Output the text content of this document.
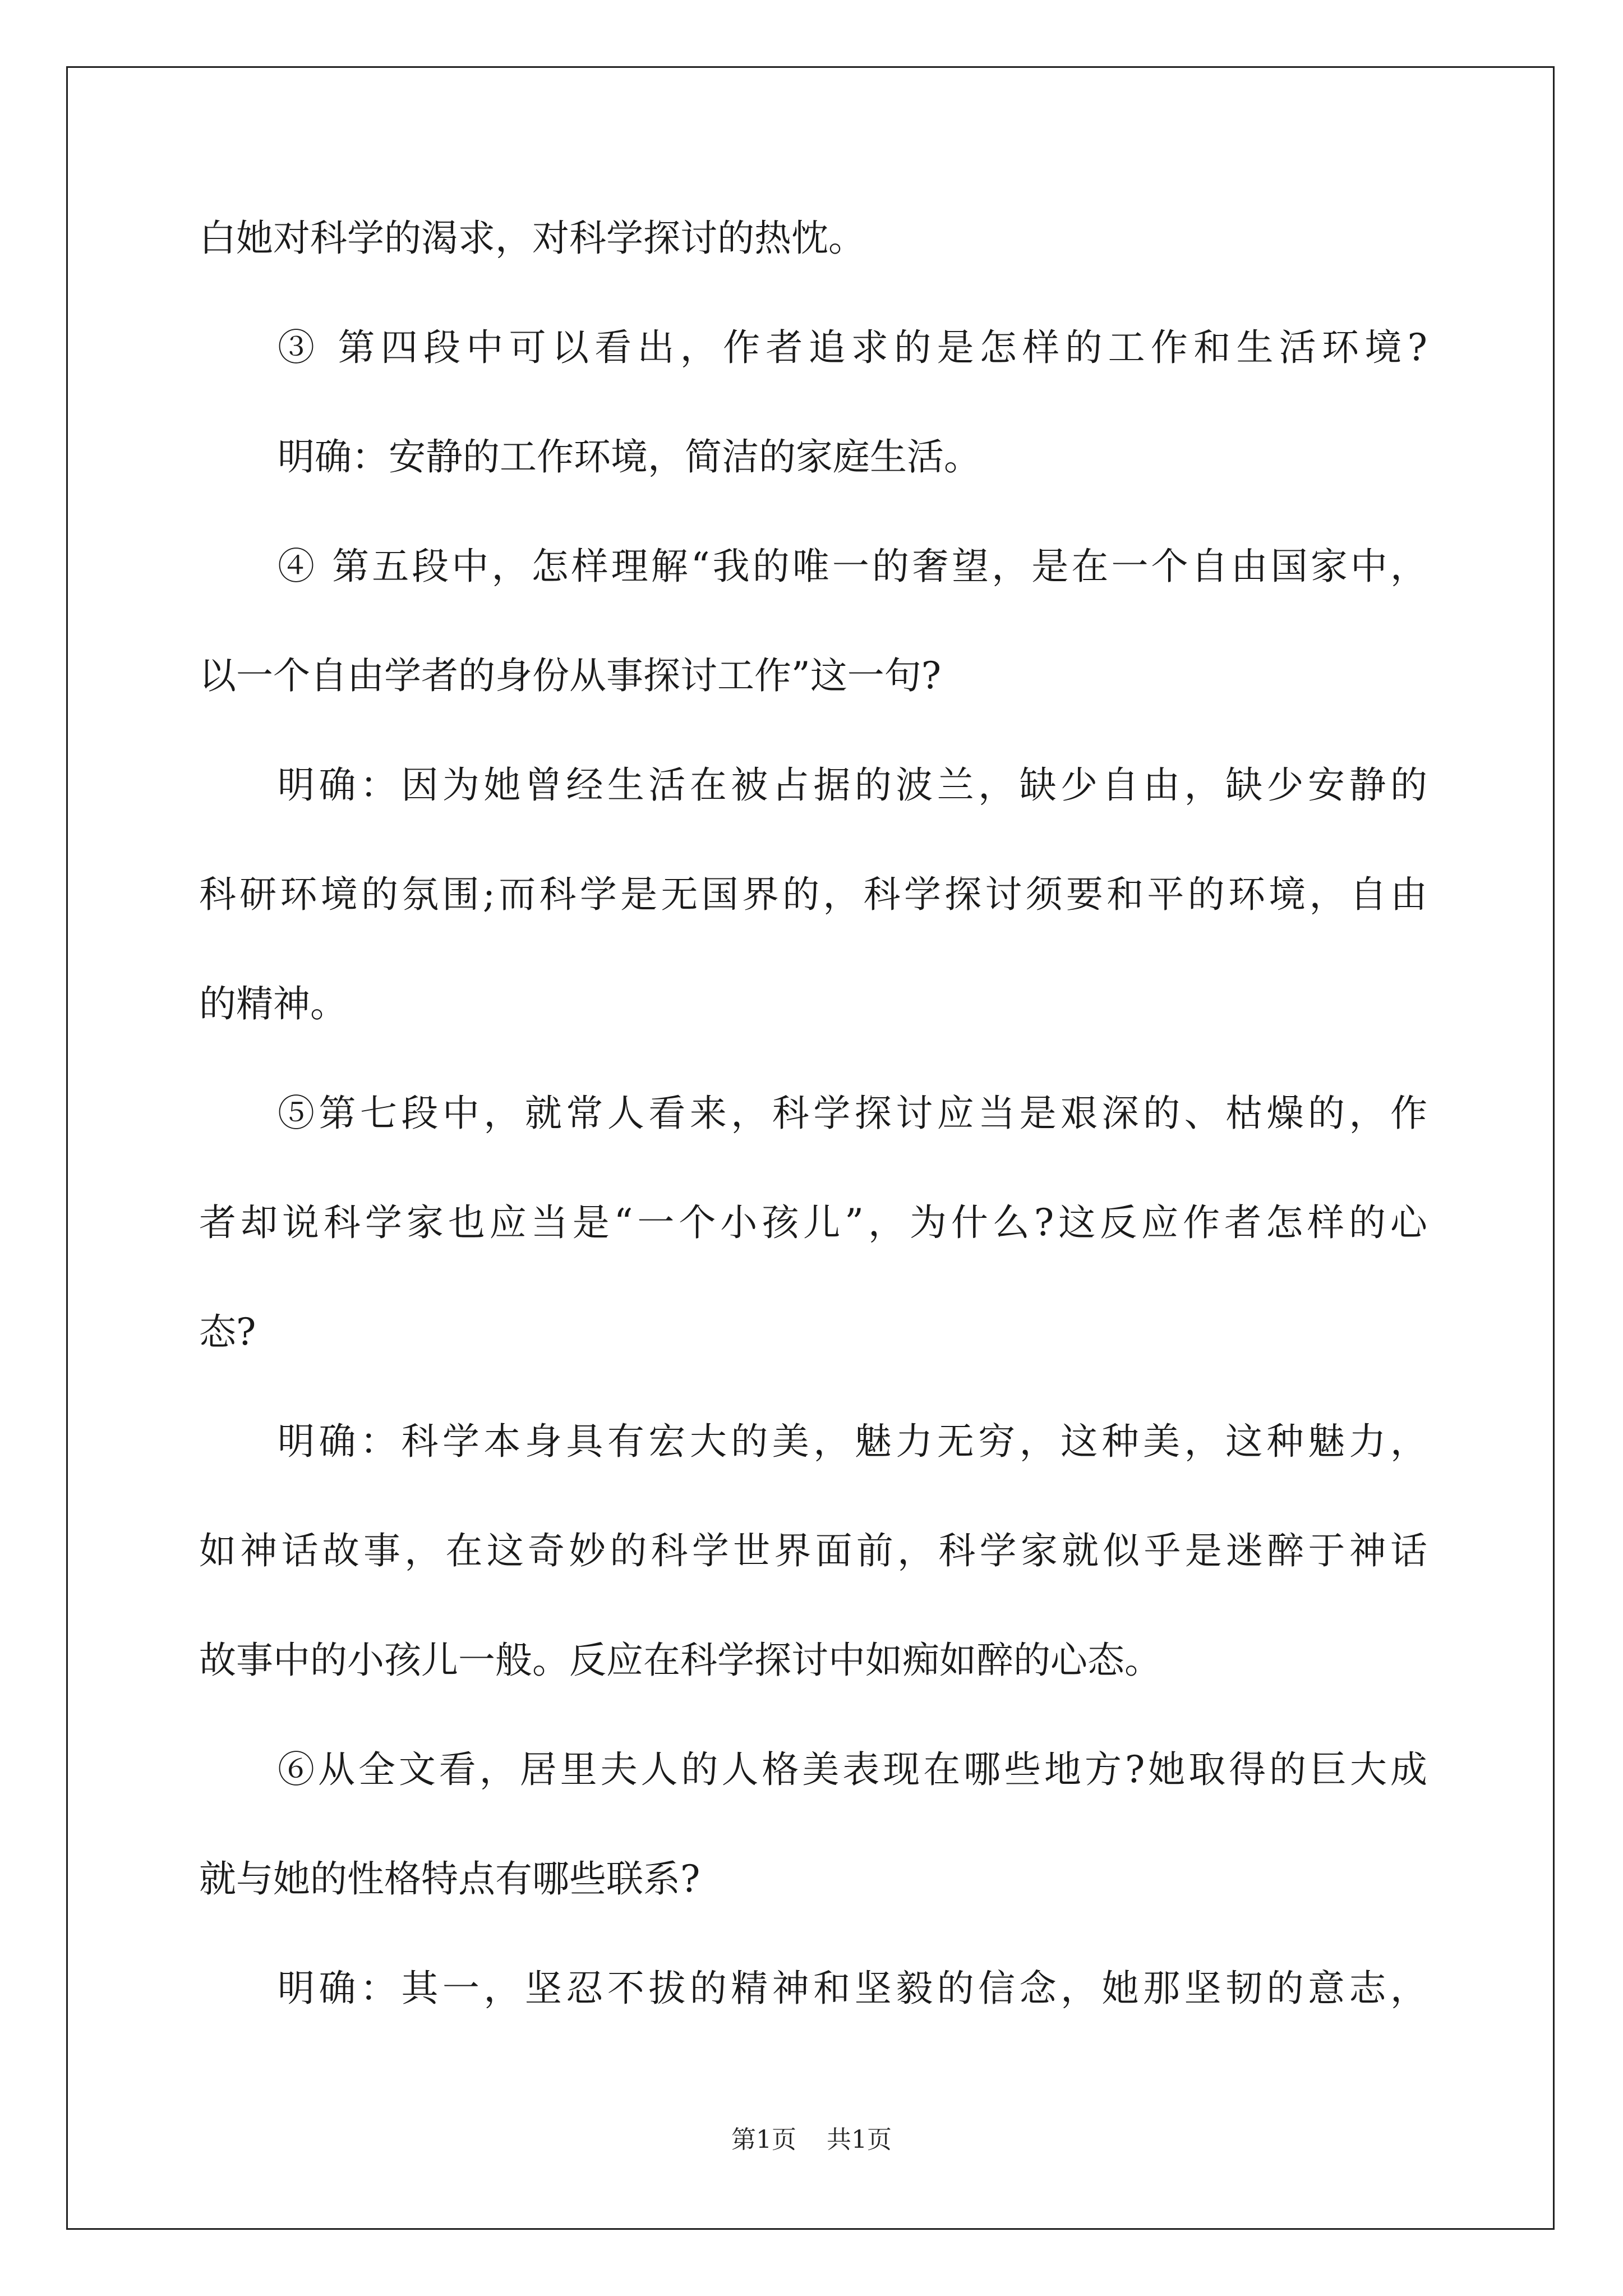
白她对科学的渴求，对科学探讨的热忱。
③ 第四段中可以看出，作者追求的是怎样的工作和生活环境?
明确：安静的工作环境，简洁的家庭生活。
④ 第五段中，怎样理解“我的唯一的奢望，是在一个自由国家中，
以一个自由学者的身份从事探讨工作”这一句?
明确：因为她曾经生活在被占据的波兰，缺少自由，缺少安静的
科研环境的氛围;而科学是无国界的，科学探讨须要和平的环境，自由
的精神。
⑤第七段中，就常人看来，科学探讨应当是艰深的、枯燥的，作
者却说科学家也应当是“一个小孩儿”，为什么?这反应作者怎样的心
态?
明确：科学本身具有宏大的美，魅力无穷，这种美，这种魅力，
如神话故事，在这奇妙的科学世界面前，科学家就似乎是迷醉于神话
故事中的小孩儿一般。反应在科学探讨中如痴如醉的心态。
⑥从全文看，居里夫人的人格美表现在哪些地方?她取得的巨大成
就与她的性格特点有哪些联系?
明确：其一，坚忍不拔的精神和坚毅的信念，她那坚韧的意志，
第1页 共1页
